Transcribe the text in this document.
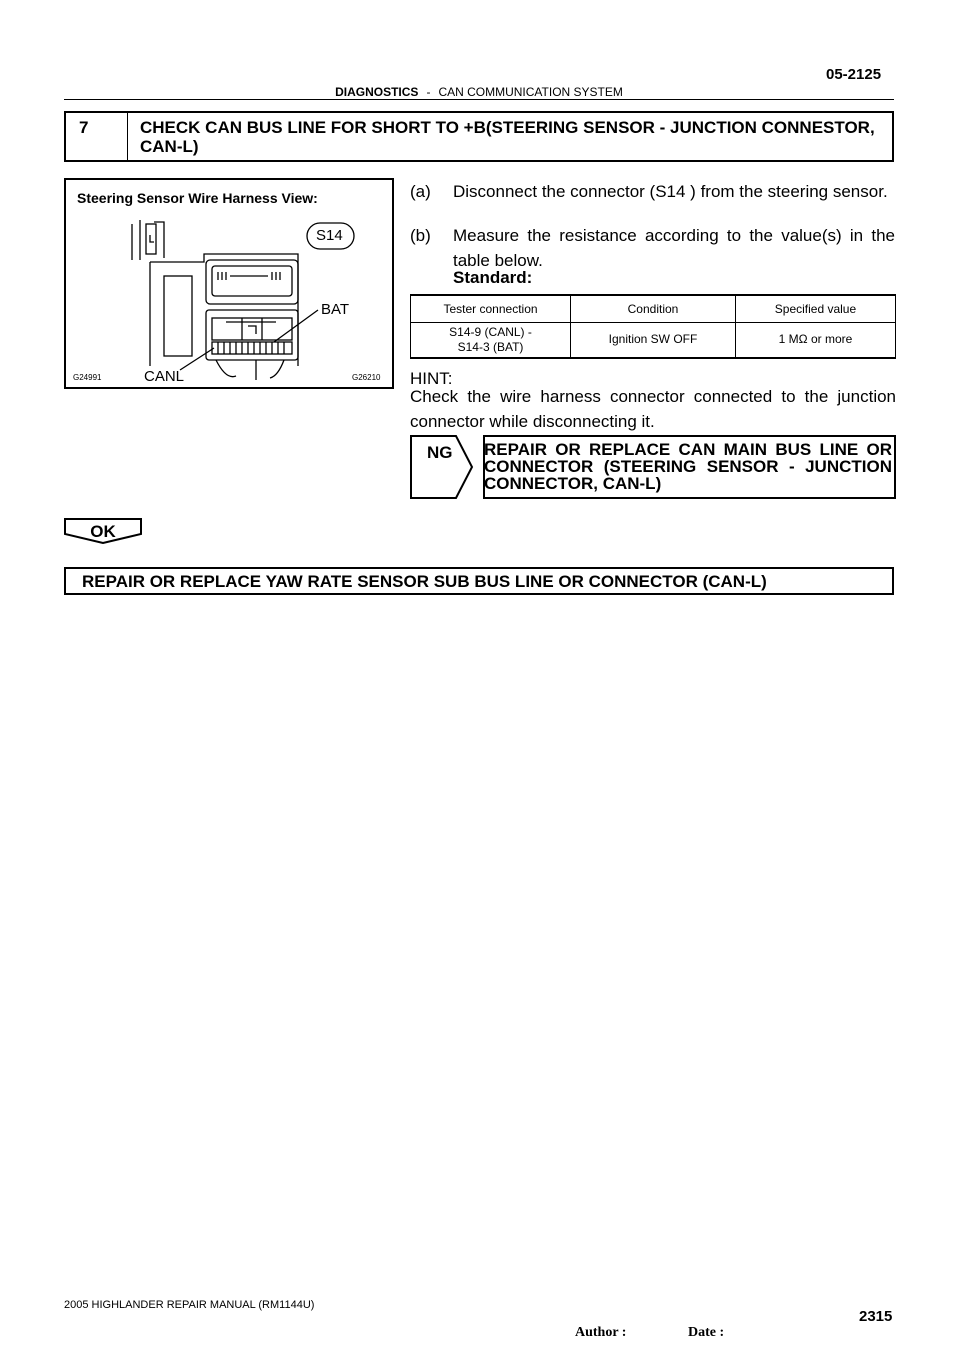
05-2125
DIAGNOSTICS - CAN COMMUNICATION SYSTEM
7	CHECK CAN BUS LINE FOR SHORT TO +B(STEERING SENSOR - JUNCTION CONNESTOR, CAN-L)
Steering Sensor Wire Harness View:
S14
BAT
CANL
G24991	G26210
(a) Disconnect the connector (S14 ) from the steering sensor.
(b) Measure the resistance according to the value(s) in the table below.
Standard:
Tester connection	Condition	Specified value

S14-9 (CANL) -
S14-3 (BAT)	Ignition SW OFF	1 MΩ or more
HINT:
Check the wire harness connector connected to the junction connector while disconnecting it.
NG REPAIR OR REPLACE CAN MAIN BUS LINE OR CONNECTOR (STEERING SENSOR - JUNCTION CONNECTOR, CAN-L)
OK
REPAIR OR REPLACE YAW RATE SENSOR SUB BUS LINE OR CONNECTOR (CAN-L)
2005 HIGHLANDER REPAIR MANUAL (RM1144U)
Author :	Date :
2315
